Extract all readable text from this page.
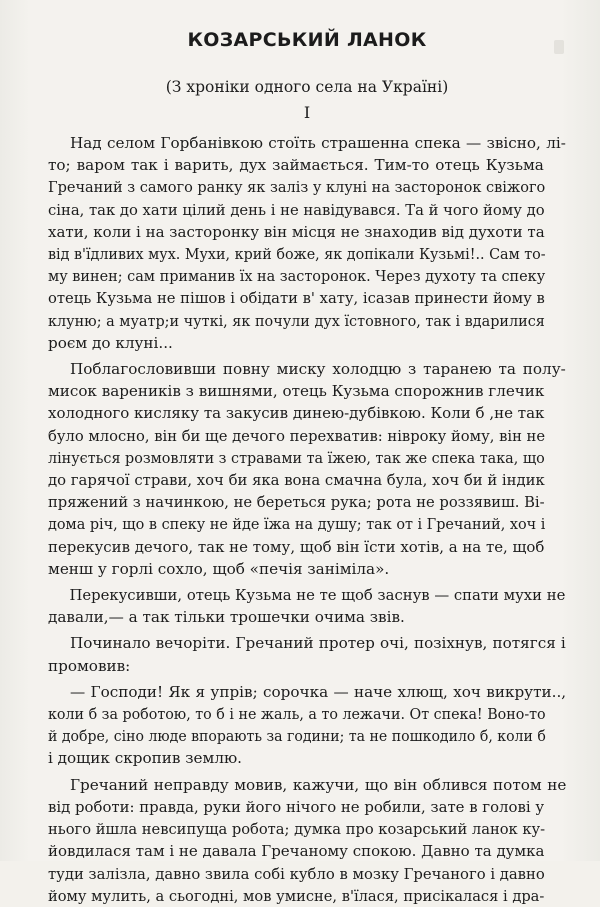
КОЗАРСЬКИЙ ЛАНОК
(З хроніки одного села на Україні)
I

Над селом Горбанівкою стоїть страшенна спека — звісно, лі-
то; варом так і варить, дух займається. Тим-то отець Кузьма
Гречаний з самого ранку як заліз у клуні на засторонок свіжого
сіна, так до хати цілий день і не навідувався. Та й чого йому до
хати, коли і на засторонку він місця не знаходив від духоти та
від в'їдливих мух. Мухи, крий боже, як допікали Кузьмі!.. Сам то-
му винен; сам приманив їх на засторонок. Через духоту та спеку
отець Кузьма не пішов і обідати в' хату, ісазав принести йому в
клуню; а муатр;и чуткі, як почули дух їстовного, так і вдарилися
роєм до клуні...

Поблагословивши повну миску холодцю з таранею та полу-
мисок вареників з вишнями, отець Кузьма спорожнив глечик
холодного кисляку та закусив динею-дубівкою. Коли б ,не так
було млосно, він би ще дечого перехватив: нівроку йому, він не
лінується розмовляти з стравами та їжею, так же спека така, що
до гарячої страви, хоч би яка вона смачна була, хоч би й індик
пряжений з начинкою, не береться рука; рота не роззявиш. Ві-
дома річ, що в спеку не йде їжа на душу; так от і Гречаний, хоч і
перекусив дечого, так не тому, щоб він їсти хотів, а на те, щоб
менш у горлі сохло, щоб «печія заніміла».

Перекусивши, отець Кузьма не те щоб заснув — спати мухи не
давали,— а так тільки трошечки очима звів.

Починало вечоріти. Гречаний протер очі, позіхнув, потягся і
промовив:

— Господи! Як я упрів; сорочка — наче хлющ, хоч викрути..,
коли б за роботою, то б і не жаль, а то лежачи. От спека! Воно-то
й добре, сіно люде впорають за години; та не пошкодило б, коли б
і дощик скропив землю.

Гречаний неправду мовив, кажучи, що він облився потом не
від роботи: правда, руки його нічого не робили, зате в голові у
нього йшла невсипуща робота; думка про козарський ланок ку-
йовдилася там і не давала Гречаному спокою. Давно та думка
туди залізла, давно звила собі кубло в мозку Гречаного і давно
йому мулить, а сьогодні, мов умисне, в'їлася, присікалася і дра-
